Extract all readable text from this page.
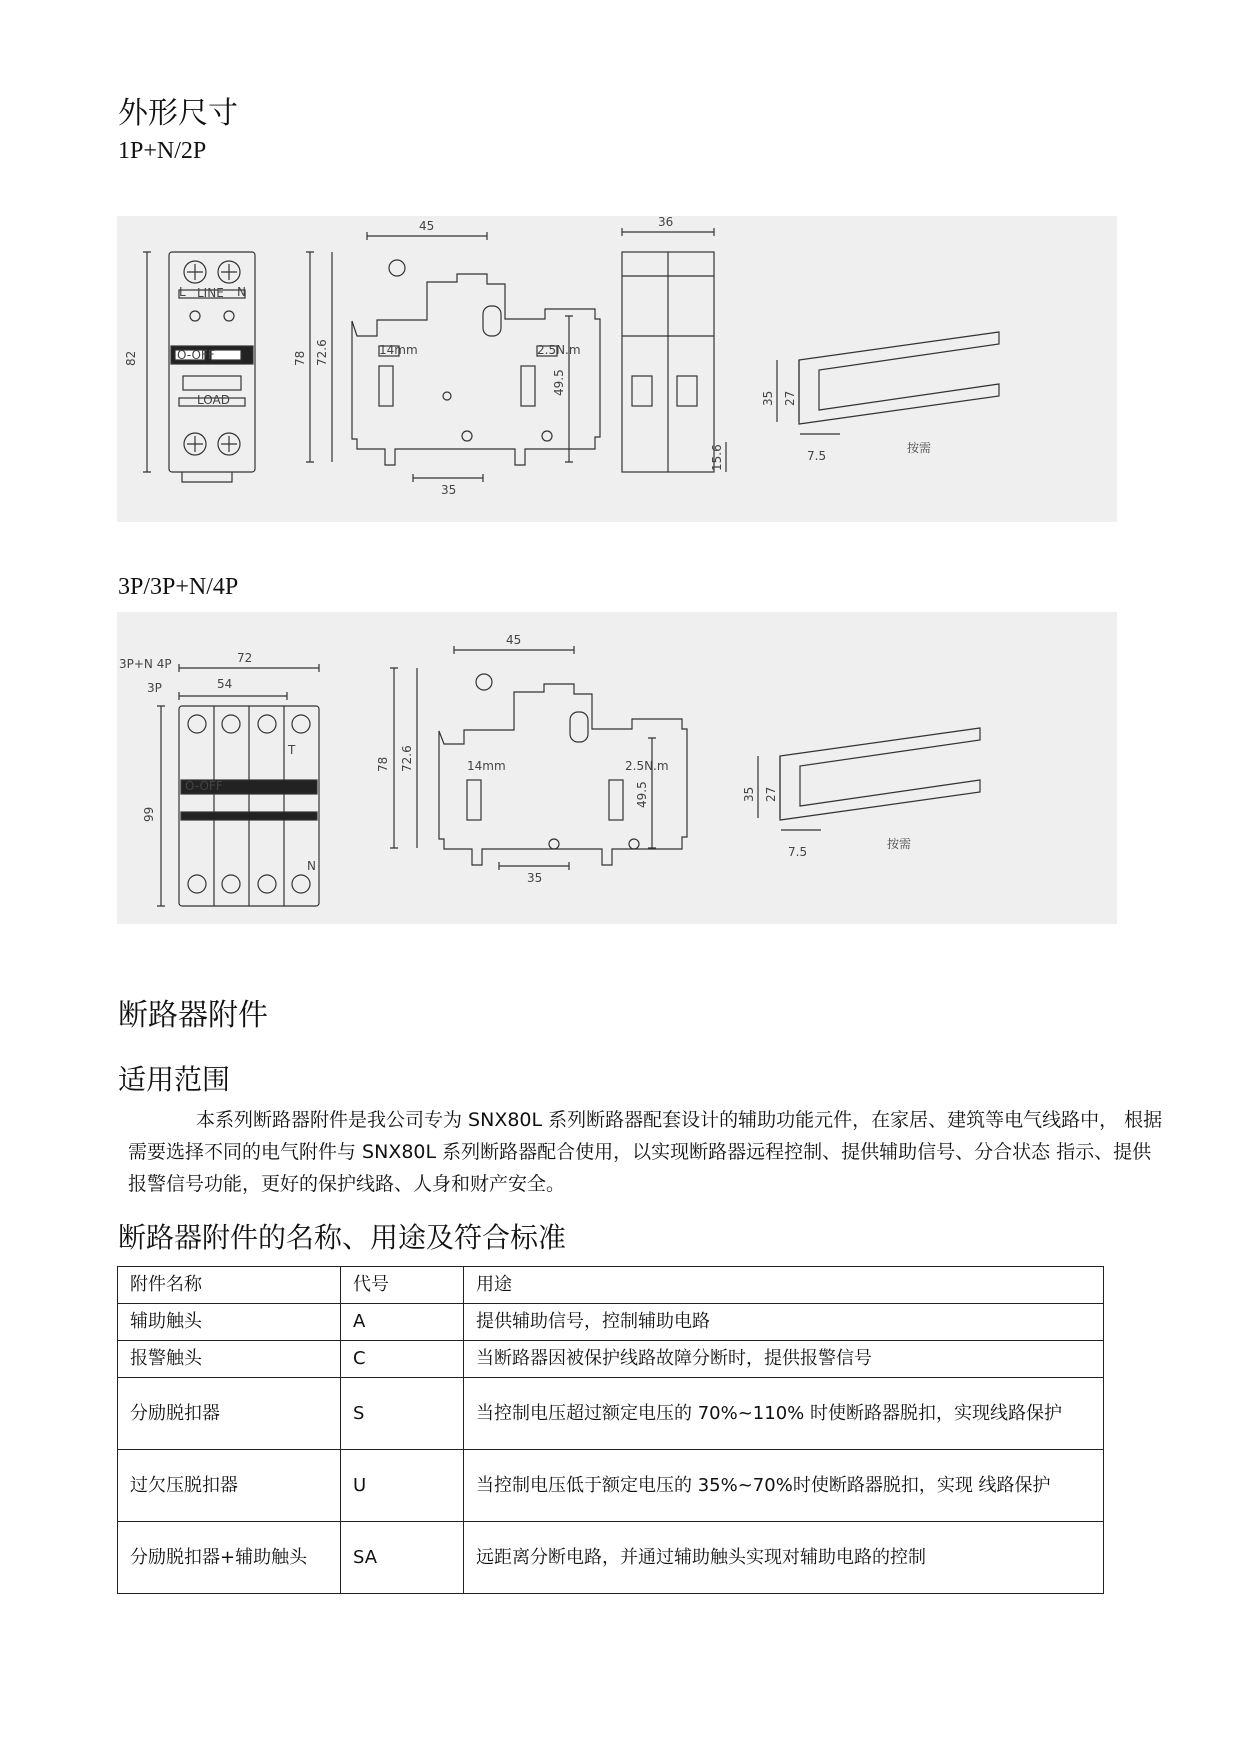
外形尺寸

1P+N/2P

82
L	N
LINE
LOAD
O-OFF
45
78 72.6
49.5
35
14mm	2.5N.m
36
15.6
35 27
7.5
按需

3P/3P+N/4P

3P+N 4P	72
3P	54
99
N
T
O-OFF
45
78 72.6
49.5
35
14mm	2.5N.m
35 27
7.5
按需
断路器附件
适用范围

本系列断路器附件是我公司专为 SNX80L 系列断路器配套设计的辅助功能元件，在家居、建筑等电气线路中， 根据需要选择不同的电气附件与 SNX80L 系列断路器配合使用，以实现断路器远程控制、提供辅助信号、分合状态 指示、提供报警信号功能，更好的保护线路、人身和财产安全。

断路器附件的名称、用途及符合标准
附件名称	代号	用途
辅助触头	A	提供辅助信号，控制辅助电路
报警触头	C	当断路器因被保护线路故障分断时，提供报警信号
分励脱扣器	S	当控制电压超过额定电压的 70%~110% 时使断路器脱扣，实现线路保护
过欠压脱扣器	U	当控制电压低于额定电压的 35%~70%时使断路器脱扣，实现 线路保护
分励脱扣器+辅助触头	SA	远距离分断电路，并通过辅助触头实现对辅助电路的控制
